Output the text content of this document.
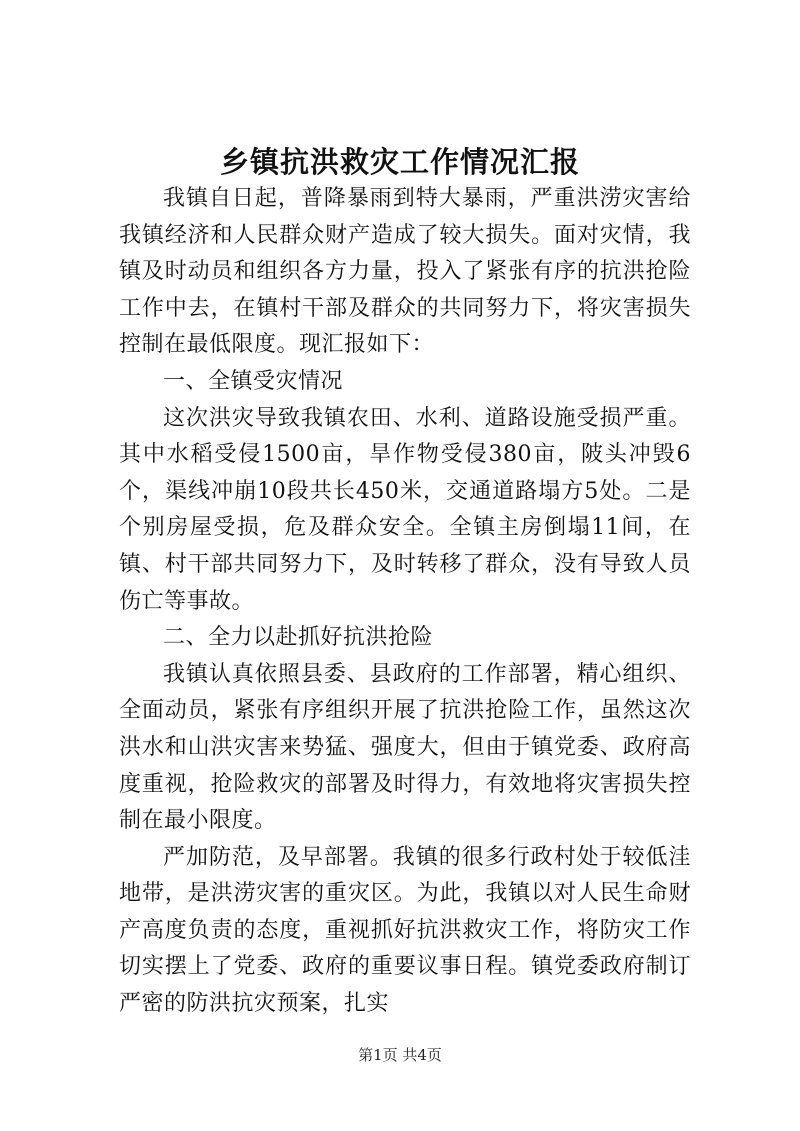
乡镇抗洪救灾工作情况汇报

我镇自日起，普降暴雨到特大暴雨，严重洪涝灾害给我镇经济和人民群众财产造成了较大损失。面对灾情，我镇及时动员和组织各方力量，投入了紧张有序的抗洪抢险工作中去，在镇村干部及群众的共同努力下，将灾害损失控制在最低限度。现汇报如下：

一、全镇受灾情况

这次洪灾导致我镇农田、水利、道路设施受损严重。其中水稻受侵1500亩，旱作物受侵380亩，陂头冲毁6个，渠线冲崩10段共长450米，交通道路塌方5处。二是个别房屋受损，危及群众安全。全镇主房倒塌11间，在镇、村干部共同努力下，及时转移了群众，没有导致人员伤亡等事故。

二、全力以赴抓好抗洪抢险

我镇认真依照县委、县政府的工作部署，精心组织、全面动员，紧张有序组织开展了抗洪抢险工作，虽然这次洪水和山洪灾害来势猛、强度大，但由于镇党委、政府高度重视，抢险救灾的部署及时得力，有效地将灾害损失控制在最小限度。

严加防范，及早部署。我镇的很多行政村处于较低洼地带，是洪涝灾害的重灾区。为此，我镇以对人民生命财产高度负责的态度，重视抓好抗洪救灾工作，将防灾工作切实摆上了党委、政府的重要议事日程。镇党委政府制订严密的防洪抗灾预案，扎实

第1页 共4页
